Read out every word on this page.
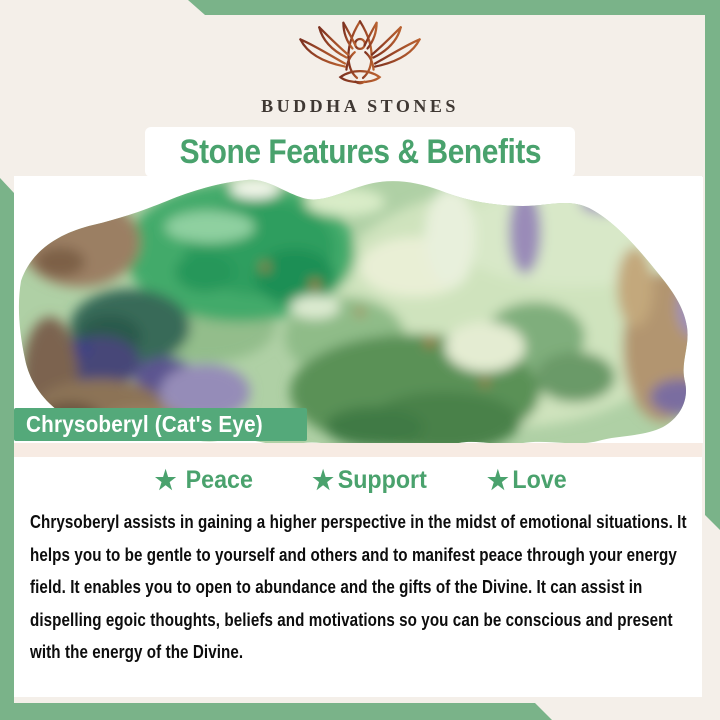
BUDDHA STONES
Stone Features & Benefits
Chrysoberyl (Cat's Eye)
★ Peace ★ Support ★ Love
Chrysoberyl assists in gaining a higher perspective in the midst of emotional situations. It helps you to be gentle to yourself and others and to manifest peace through your energy field. It enables you to open to abundance and the gifts of the Divine. It can assist in dispelling egoic thoughts, beliefs and motivations so you can be conscious and present with the energy of the Divine.
